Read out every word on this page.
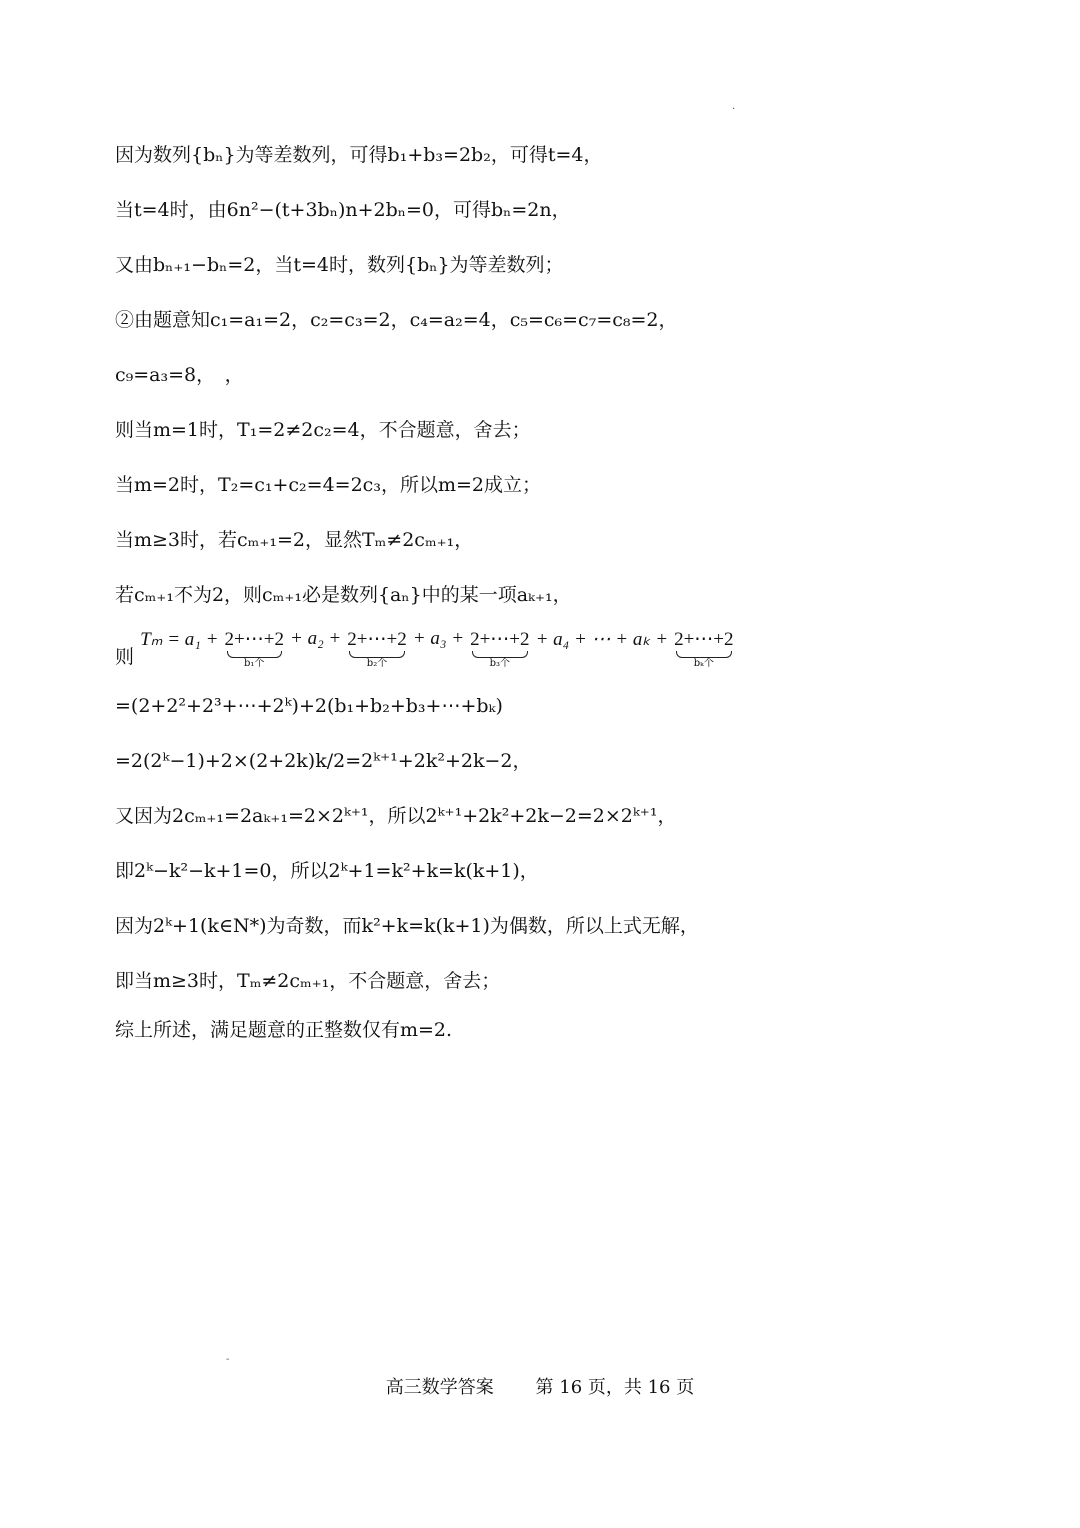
·
因为数列{bₙ}为等差数列，可得b₁+b₃=2b₂，可得t=4，
当t=4时，由6n²−(t+3bₙ)n+2bₙ=0，可得bₙ=2n，
又由bₙ₊₁−bₙ=2，当t=4时，数列{bₙ}为等差数列；
②由题意知c₁=a₁=2，c₂=c₃=2，c₄=a₂=4，c₅=c₆=c₇=c₈=2，
c₉=a₃=8，　，
则当m=1时，T₁=2≠2c₂=4，不合题意，舍去；
当m=2时，T₂=c₁+c₂=4=2c₃，所以m=2成立；
当m≥3时，若cₘ₊₁=2，显然Tₘ≠2cₘ₊₁，
若cₘ₊₁不为2，则cₘ₊₁必是数列{aₙ}中的某一项aₖ₊₁，
则 Tₘ = a₁ + 2+⋯+2
b₁个
+ a₂ + 2+⋯+2
b₂个
+ a₃ + 2+⋯+2
b₃个
+ a₄ + ⋯ + aₖ + 2+⋯+2
bₖ个
=(2+2²+2³+⋯+2ᵏ)+2(b₁+b₂+b₃+⋯+bₖ)
=2(2ᵏ−1)+2×(2+2k)k/2=2ᵏ⁺¹+2k²+2k−2，
又因为2cₘ₊₁=2aₖ₊₁=2×2ᵏ⁺¹，所以2ᵏ⁺¹+2k²+2k−2=2×2ᵏ⁺¹，
即2ᵏ−k²−k+1=0，所以2ᵏ+1=k²+k=k(k+1)，
因为2ᵏ+1(k∈N*)为奇数，而k²+k=k(k+1)为偶数，所以上式无解，
即当m≥3时，Tₘ≠2cₘ₊₁，不合题意，舍去；
综上所述，满足题意的正整数仅有m=2.
-
高三数学答案 第 16 页，共 16 页
